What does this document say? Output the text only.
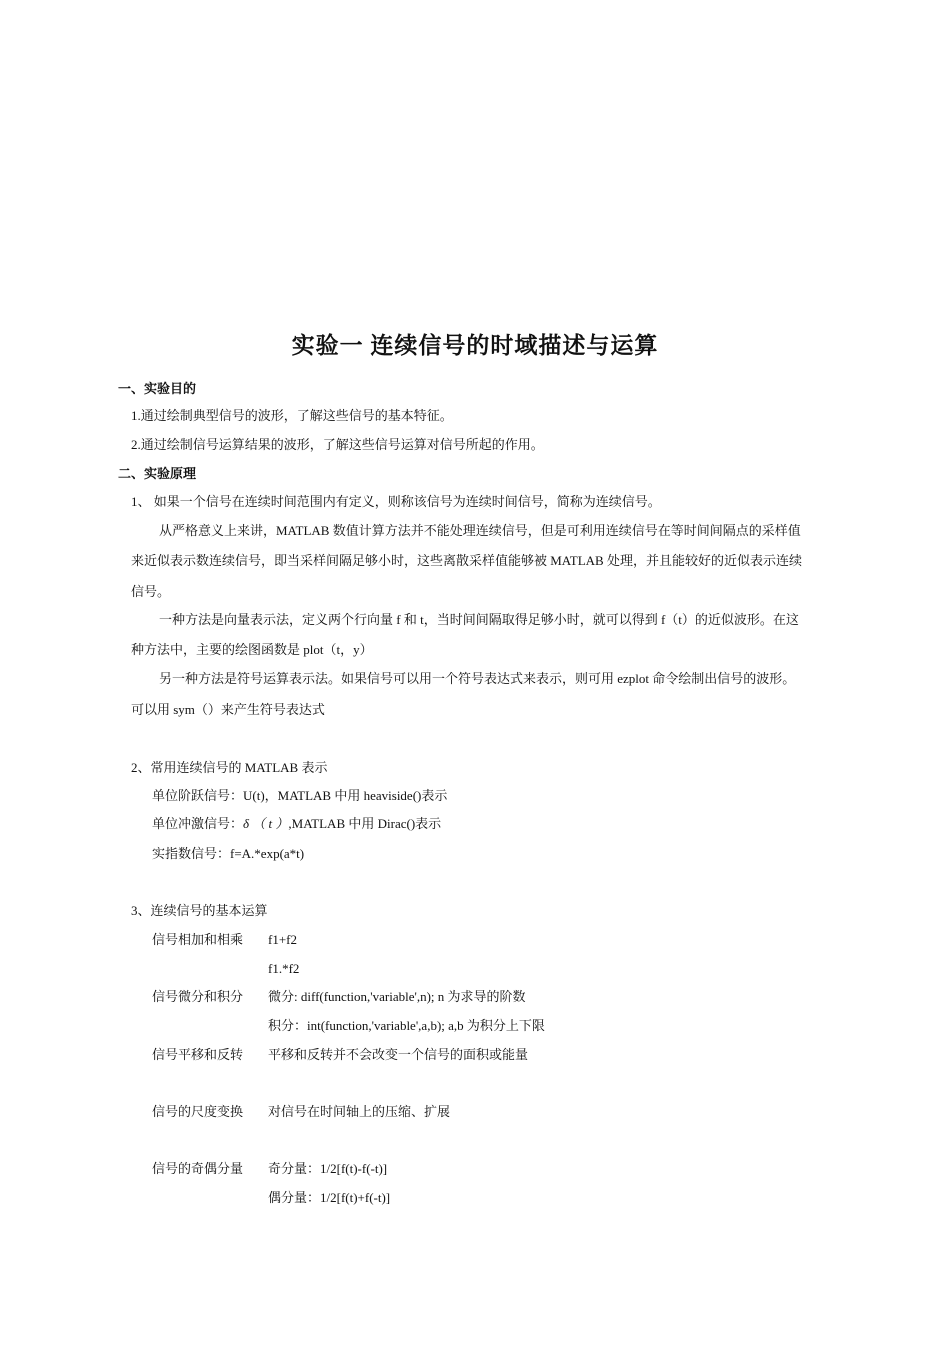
实验一 连续信号的时域描述与运算
一、实验目的
1.通过绘制典型信号的波形，了解这些信号的基本特征。
2.通过绘制信号运算结果的波形，了解这些信号运算对信号所起的作用。
二、实验原理
1、 如果一个信号在连续时间范围内有定义，则称该信号为连续时间信号，简称为连续信号。
从严格意义上来讲，MATLAB 数值计算方法并不能处理连续信号，但是可利用连续信号在等时间间隔点的采样值
来近似表示数连续信号，即当采样间隔足够小时，这些离散采样值能够被 MATLAB 处理，并且能较好的近似表示连续
信号。
一种方法是向量表示法，定义两个行向量 f 和 t，当时间间隔取得足够小时，就可以得到 f（t）的近似波形。在这
种方法中，主要的绘图函数是 plot（t，y）
另一种方法是符号运算表示法。如果信号可以用一个符号表达式来表示，则可用 ezplot 命令绘制出信号的波形。
可以用 sym（）来产生符号表达式
2、常用连续信号的 MATLAB 表示
单位阶跃信号：U(t)，MATLAB 中用 heaviside()表示
单位冲激信号：δ （ t ）,MATLAB 中用 Dirac()表示
实指数信号：f=A.*exp(a*t)
3、连续信号的基本运算
信号相加和相乘 f1+f2
f1.*f2
信号微分和积分 微分: diff(function,'variable',n); n 为求导的阶数
积分：int(function,'variable',a,b); a,b 为积分上下限
信号平移和反转 平移和反转并不会改变一个信号的面积或能量
信号的尺度变换 对信号在时间轴上的压缩、扩展
信号的奇偶分量 奇分量：1/2[f(t)-f(-t)]
偶分量：1/2[f(t)+f(-t)]
